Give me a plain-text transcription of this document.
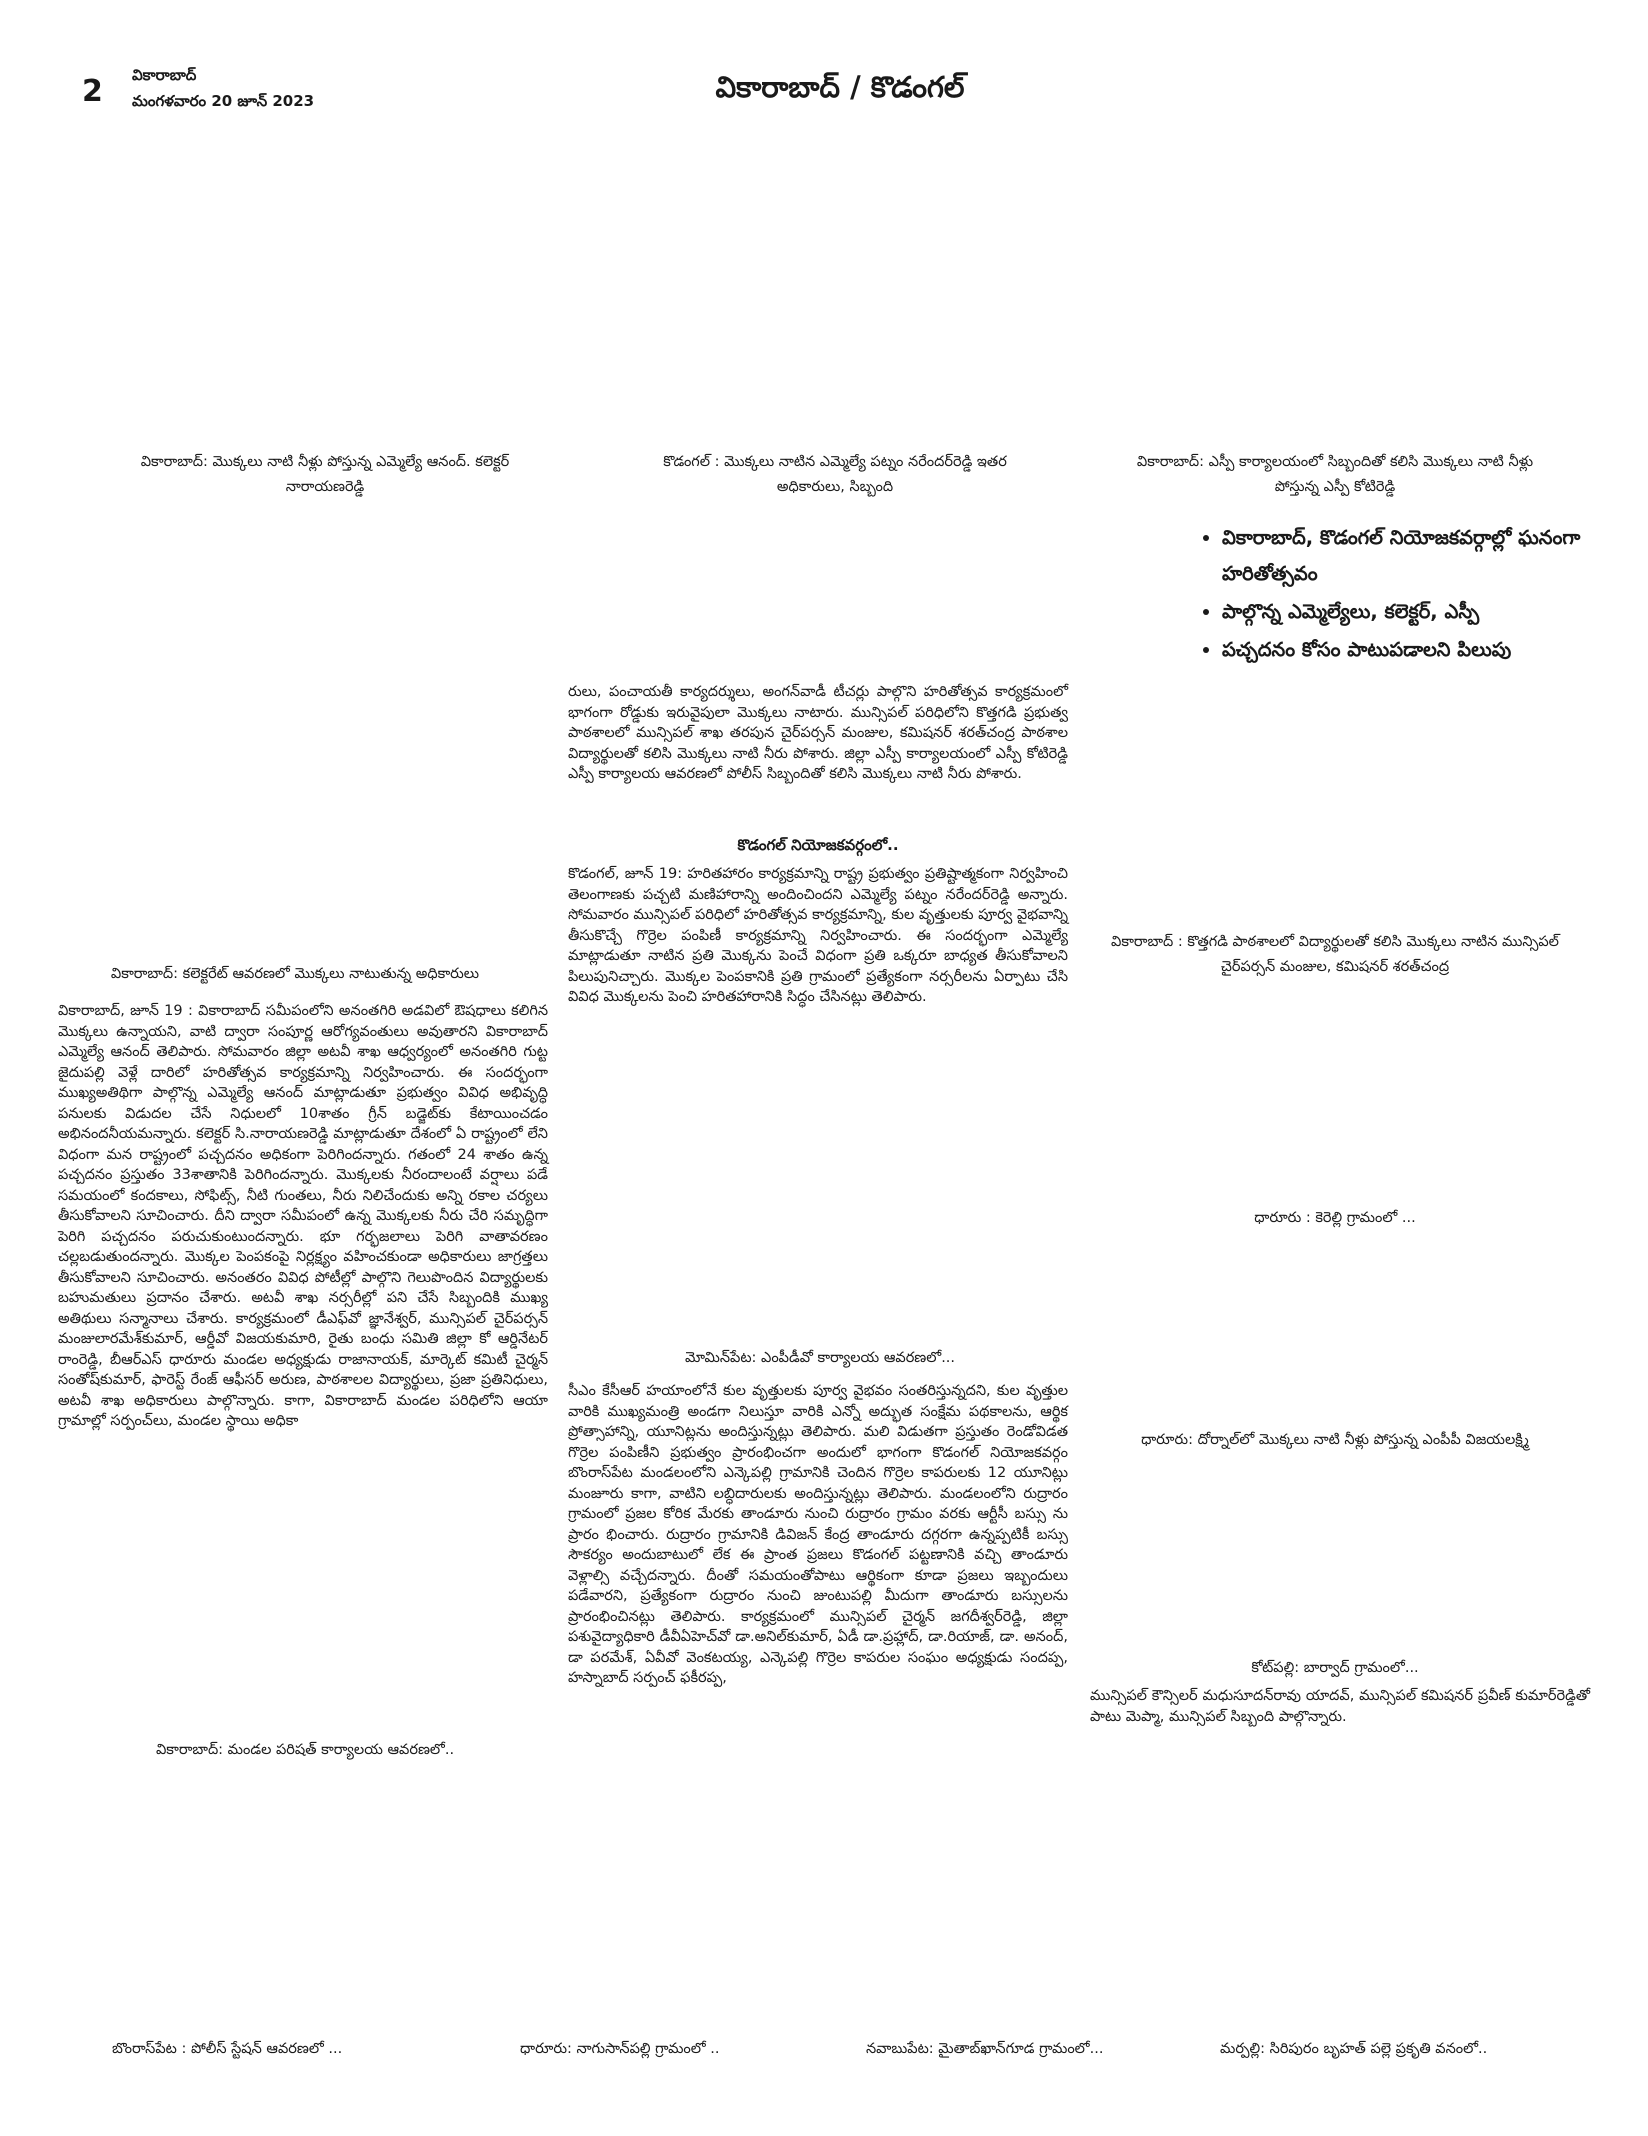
2 వికారాబాద్
మంగళవారం 20 జూన్ 2023	వికారాబాద్ / కొడంగల్
వికారాబాద్: మొక్కలు నాటి నీళ్లు పోస్తున్న ఎమ్మెల్యే ఆనంద్. కలెక్టర్ నారాయణరెడ్డి
కొడంగల్ : మొక్కలు నాటిన ఎమ్మెల్యే పట్నం నరేందర్‌రెడ్డి ఇతర అధికారులు, సిబ్బంది
వికారాబాద్: ఎస్పీ కార్యాలయంలో సిబ్బందితో కలిసి మొక్కలు నాటి నీళ్లు పోస్తున్న ఎస్పీ కోటిరెడ్డి
• వికారాబాద్, కొడంగల్ నియోజకవర్గాల్లో ఘనంగా హరితోత్సవం
• పాల్గొన్న ఎమ్మెల్యేలు, కలెక్టర్, ఎస్పీ
• పచ్చదనం కోసం పాటుపడాలని పిలుపు
రులు, పంచాయతీ కార్యదర్శులు, అంగన్‌వాడీ టీచర్లు పాల్గొని హరితోత్సవ కార్యక్రమంలో భాగంగా రోడ్డుకు ఇరువైపులా మొక్కలు నాటారు. మున్సిపల్ పరిధిలోని కొత్తగడి ప్రభుత్వ పాఠశాలలో మున్సిపల్ శాఖ తరపున చైర్‌పర్సన్ మంజుల, కమిషనర్ శరత్‌చంద్ర పాఠశాల విద్యార్థులతో కలిసి మొక్కలు నాటి నీరు పోశారు. జిల్లా ఎస్పీ కార్యాలయంలో ఎస్పీ కోటిరెడ్డి ఎస్పీ కార్యాలయ ఆవరణలో పోలీస్ సిబ్బందితో కలిసి మొక్కలు నాటి నీరు పోశారు.
కొడంగల్ నియోజకవర్గంలో..
కొడంగల్, జూన్ 19: హరితహారం కార్యక్రమాన్ని రాష్ట్ర ప్రభుత్వం ప్రతిష్టాత్మకంగా నిర్వహించి తెలంగాణకు పచ్చటి మణిహారాన్ని అందించిందని ఎమ్మెల్యే పట్నం నరేందర్‌రెడ్డి అన్నారు. సోమవారం మున్సిపల్ పరిధిలో హరితోత్సవ కార్యక్రమాన్ని, కుల వృత్తులకు పూర్వ వైభవాన్ని తీసుకొచ్చే గొర్రెల పంపిణీ కార్యక్రమాన్ని నిర్వహించారు. ఈ సందర్భంగా ఎమ్మెల్యే మాట్లాడుతూ నాటిన ప్రతి మొక్కను పెంచే విధంగా ప్రతి ఒక్కరూ బాధ్యత తీసుకోవాలని పిలుపునిచ్చారు. మొక్కల పెంపకానికి ప్రతి గ్రామంలో ప్రత్యేకంగా నర్సరీలను ఏర్పాటు చేసి వివిధ మొక్కలను పెంచి హరితహారానికి సిద్ధం చేసినట్లు తెలిపారు.
వికారాబాద్: కలెక్టరేట్ ఆవరణలో మొక్కలు నాటుతున్న అధికారులు
వికారాబాద్, జూన్ 19 : వికారాబాద్ సమీపంలోని అనంతగిరి అడవిలో ఔషధాలు కలిగిన మొక్కలు ఉన్నాయని, వాటి ద్వారా సంపూర్ణ ఆరోగ్యవంతులు అవుతారని వికారాబాద్ ఎమ్మెల్యే ఆనంద్ తెలిపారు. సోమవారం జిల్లా అటవీ శాఖ ఆధ్వర్యంలో అనంతగిరి గుట్ట జైదుపల్లి వెళ్లే దారిలో హరితోత్సవ కార్యక్రమాన్ని నిర్వహించారు. ఈ సందర్భంగా ముఖ్యఅతిథిగా పాల్గొన్న ఎమ్మెల్యే ఆనంద్ మాట్లాడుతూ ప్రభుత్వం వివిధ అభివృద్ధి పనులకు విడుదల చేసే నిధులలో 10శాతం గ్రీన్ బడ్జెట్‌కు కేటాయించడం అభినందనీయమన్నారు. కలెక్టర్ సి.నారాయణరెడ్డి మాట్లాడుతూ దేశంలో ఏ రాష్ట్రంలో లేని విధంగా మన రాష్ట్రంలో పచ్చదనం అధికంగా పెరిగిందన్నారు. గతంలో 24 శాతం ఉన్న పచ్చదనం ప్రస్తుతం 33శాతానికి పెరిగిందన్నారు. మొక్కలకు నీరందాలంటే వర్షాలు పడే సమయంలో కందకాలు, సోఫిట్స్, నీటి గుంతలు, నీరు నిలిచేందుకు అన్ని రకాల చర్యలు తీసుకోవాలని సూచించారు. దీని ద్వారా సమీపంలో ఉన్న మొక్కలకు నీరు చేరి సమృద్ధిగా పెరిగి పచ్చదనం పరుచుకుంటుందన్నారు. భూ గర్భజలాలు పెరిగి వాతావరణం చల్లబడుతుందన్నారు. మొక్కల పెంపకంపై నిర్లక్ష్యం వహించకుండా అధికారులు జాగ్రత్తలు తీసుకోవాలని సూచించారు. అనంతరం వివిధ పోటీల్లో పాల్గొని గెలుపొందిన విద్యార్థులకు బహుమతులు ప్రదానం చేశారు. అటవీ శాఖ నర్సరీల్లో పని చేసే సిబ్బందికి ముఖ్య అతిథులు సన్మానాలు చేశారు. కార్యక్రమంలో డీఎఫ్‌వో జ్ఞానేశ్వర్, మున్సిపల్ చైర్‌పర్సన్ మంజులారమేశ్‌కుమార్, ఆర్డీవో విజయకుమారి, రైతు బంధు సమితి జిల్లా కో ఆర్డినేటర్ రాంరెడ్డి, బీఆర్ఎస్ ధారూరు మండల అధ్యక్షుడు రాజానాయక్, మార్కెట్ కమిటీ చైర్మన్ సంతోష్‌కుమార్, ఫారెస్ట్ రేంజ్ ఆఫీసర్ అరుణ, పాఠశాలల విద్యార్థులు, ప్రజా ప్రతినిధులు, అటవీ శాఖ అధికారులు పాల్గొన్నారు. కాగా, వికారాబాద్ మండల పరిధిలోని ఆయా గ్రామాల్లో సర్పంచ్‌లు, మండల స్థాయి అధికా
వికారాబాద్ : కొత్తగడి పాఠశాలలో విద్యార్థులతో కలిసి మొక్కలు నాటిన మున్సిపల్ చైర్‌పర్సన్ మంజుల, కమిషనర్ శరత్‌చంద్ర
ధారూరు : కెరెల్లి గ్రామంలో ...
ధారూరు: దోర్నాల్‌లో మొక్కలు నాటి నీళ్లు పోస్తున్న ఎంపీపీ విజయలక్ష్మి
కోట్‌పల్లి: బార్వాద్ గ్రామంలో...
మున్సిపల్ కౌన్సిలర్ మధుసూదన్‌రావు యాదవ్, మున్సిపల్ కమిషనర్ ప్రవీణ్ కుమార్‌రెడ్డితో పాటు మెప్మా, మున్సిపల్ సిబ్బంది పాల్గొన్నారు.
మోమిన్‌పేట: ఎంపీడీవో కార్యాలయ ఆవరణలో...
సీఎం కేసీఆర్ హయాంలోనే కుల వృత్తులకు పూర్వ వైభవం సంతరిస్తున్నదని, కుల వృత్తుల వారికి ముఖ్యమంత్రి అండగా నిలుస్తూ వారికి ఎన్నో అద్భుత సంక్షేమ పథకాలను, ఆర్థిక ప్రోత్సాహాన్ని, యూనిట్లను అందిస్తున్నట్లు తెలిపారు. మలి విడుతగా ప్రస్తుతం రెండోవిడత గొర్రెల పంపిణీని ప్రభుత్వం ప్రారంభించగా అందులో భాగంగా కొడంగల్ నియోజకవర్గం బొంరాస్‌పేట మండలంలోని ఎన్కెపల్లి గ్రామానికి చెందిన గొర్రెల కాపరులకు 12 యూనిట్లు మంజూరు కాగా, వాటిని లబ్ధిదారులకు అందిస్తున్నట్లు తెలిపారు. మండలంలోని రుద్రారం గ్రామంలో ప్రజల కోరిక మేరకు తాండూరు నుంచి రుద్రారం గ్రామం వరకు ఆర్టీసీ బస్సు ను ప్రారం భించారు. రుద్రారం గ్రామానికి డివిజన్ కేంద్ర తాండూరు దగ్గరగా ఉన్నప్పటికీ బస్సు సౌకర్యం అందుబాటులో లేక ఈ ప్రాంత ప్రజలు కొడంగల్ పట్టణానికి వచ్చి తాండూరు వెళ్లాల్సి వచ్చేదన్నారు. దీంతో సమయంతోపాటు ఆర్థికంగా కూడా ప్రజలు ఇబ్బందులు పడేవారని, ప్రత్యేకంగా రుద్రారం నుంచి జుంటుపల్లి మీదుగా తాండూరు బస్సులను ప్రారంభించినట్లు తెలిపారు. కార్యక్రమంలో మున్సిపల్ చైర్మన్ జగదీశ్వర్‌రెడ్డి, జిల్లా పశువైద్యాధికారి డీవీఏహెచ్‌వో డా.అనిల్‌కుమార్, ఏడీ డా.ప్రహ్లాద్, డా.రియాజ్, డా. అనంద్, డా పరమేశ్, ఏవీవో వెంకటయ్య, ఎన్కెపల్లి గొర్రెల కాపరుల సంఘం అధ్యక్షుడు సందప్ప, హస్నాబాద్ సర్పంచ్ ఫకీరప్ప,
వికారాబాద్: మండల పరిషత్ కార్యాలయ ఆవరణలో..
బొంరాస్‌పేట : పోలీస్ స్టేషన్ ఆవరణలో ...	ధారూరు: నాగుసాన్‌పల్లి గ్రామంలో ..	నవాబుపేట: మైతాబ్‌ఖాన్‌గూడ గ్రామంలో...	మర్పల్లి: సిరిపురం బృహత్ పల్లె ప్రకృతి వనంలో..
